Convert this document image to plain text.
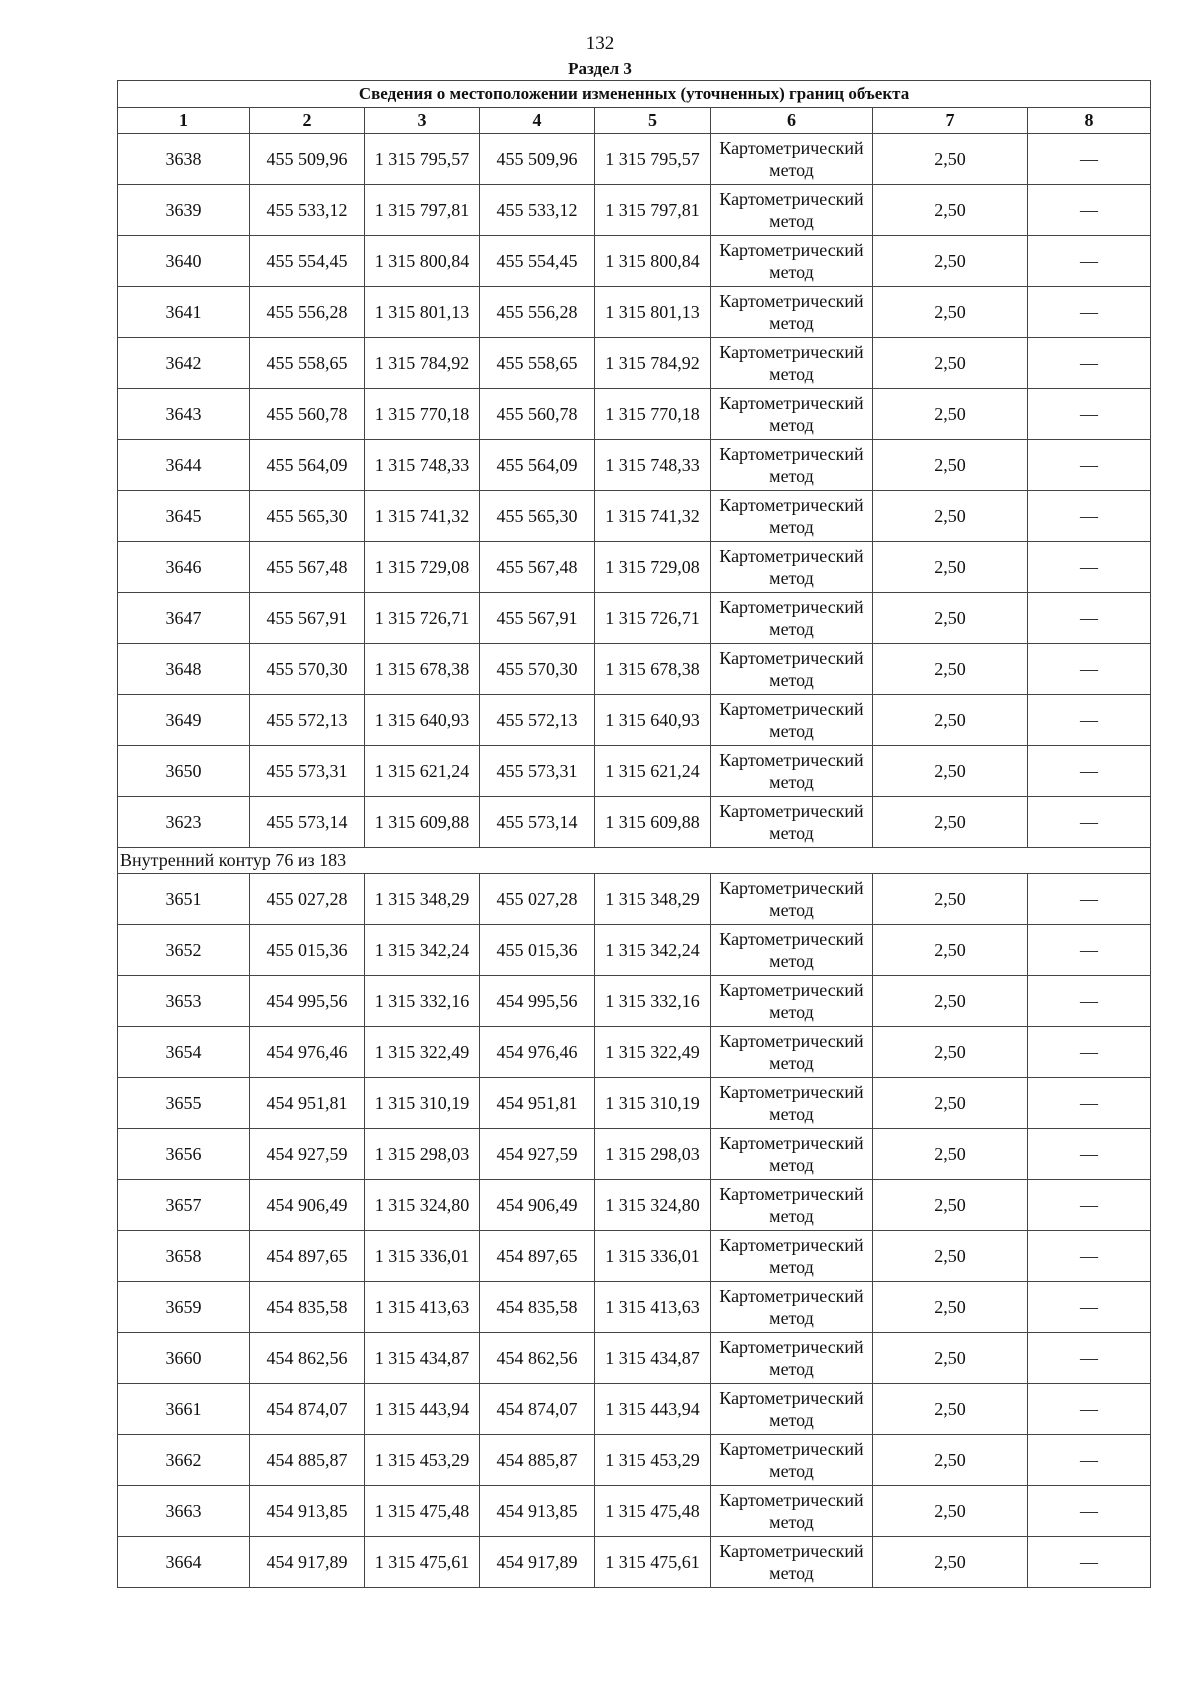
132
Раздел 3
Сведения о местоположении измененных (уточненных) границ объекта							
1	2	3	4	5	6	7	8
3638	455 509,96	1 315 795,57	455 509,96	1 315 795,57	Картометрический метод	2,50	—
3639	455 533,12	1 315 797,81	455 533,12	1 315 797,81	Картометрический метод	2,50	—
3640	455 554,45	1 315 800,84	455 554,45	1 315 800,84	Картометрический метод	2,50	—
3641	455 556,28	1 315 801,13	455 556,28	1 315 801,13	Картометрический метод	2,50	—
3642	455 558,65	1 315 784,92	455 558,65	1 315 784,92	Картометрический метод	2,50	—
3643	455 560,78	1 315 770,18	455 560,78	1 315 770,18	Картометрический метод	2,50	—
3644	455 564,09	1 315 748,33	455 564,09	1 315 748,33	Картометрический метод	2,50	—
3645	455 565,30	1 315 741,32	455 565,30	1 315 741,32	Картометрический метод	2,50	—
3646	455 567,48	1 315 729,08	455 567,48	1 315 729,08	Картометрический метод	2,50	—
3647	455 567,91	1 315 726,71	455 567,91	1 315 726,71	Картометрический метод	2,50	—
3648	455 570,30	1 315 678,38	455 570,30	1 315 678,38	Картометрический метод	2,50	—
3649	455 572,13	1 315 640,93	455 572,13	1 315 640,93	Картометрический метод	2,50	—
3650	455 573,31	1 315 621,24	455 573,31	1 315 621,24	Картометрический метод	2,50	—
3623	455 573,14	1 315 609,88	455 573,14	1 315 609,88	Картометрический метод	2,50	—
Внутренний контур 76 из 183							
3651	455 027,28	1 315 348,29	455 027,28	1 315 348,29	Картометрический метод	2,50	—
3652	455 015,36	1 315 342,24	455 015,36	1 315 342,24	Картометрический метод	2,50	—
3653	454 995,56	1 315 332,16	454 995,56	1 315 332,16	Картометрический метод	2,50	—
3654	454 976,46	1 315 322,49	454 976,46	1 315 322,49	Картометрический метод	2,50	—
3655	454 951,81	1 315 310,19	454 951,81	1 315 310,19	Картометрический метод	2,50	—
3656	454 927,59	1 315 298,03	454 927,59	1 315 298,03	Картометрический метод	2,50	—
3657	454 906,49	1 315 324,80	454 906,49	1 315 324,80	Картометрический метод	2,50	—
3658	454 897,65	1 315 336,01	454 897,65	1 315 336,01	Картометрический метод	2,50	—
3659	454 835,58	1 315 413,63	454 835,58	1 315 413,63	Картометрический метод	2,50	—
3660	454 862,56	1 315 434,87	454 862,56	1 315 434,87	Картометрический метод	2,50	—
3661	454 874,07	1 315 443,94	454 874,07	1 315 443,94	Картометрический метод	2,50	—
3662	454 885,87	1 315 453,29	454 885,87	1 315 453,29	Картометрический метод	2,50	—
3663	454 913,85	1 315 475,48	454 913,85	1 315 475,48	Картометрический метод	2,50	—
3664	454 917,89	1 315 475,61	454 917,89	1 315 475,61	Картометрический метод	2,50	—
